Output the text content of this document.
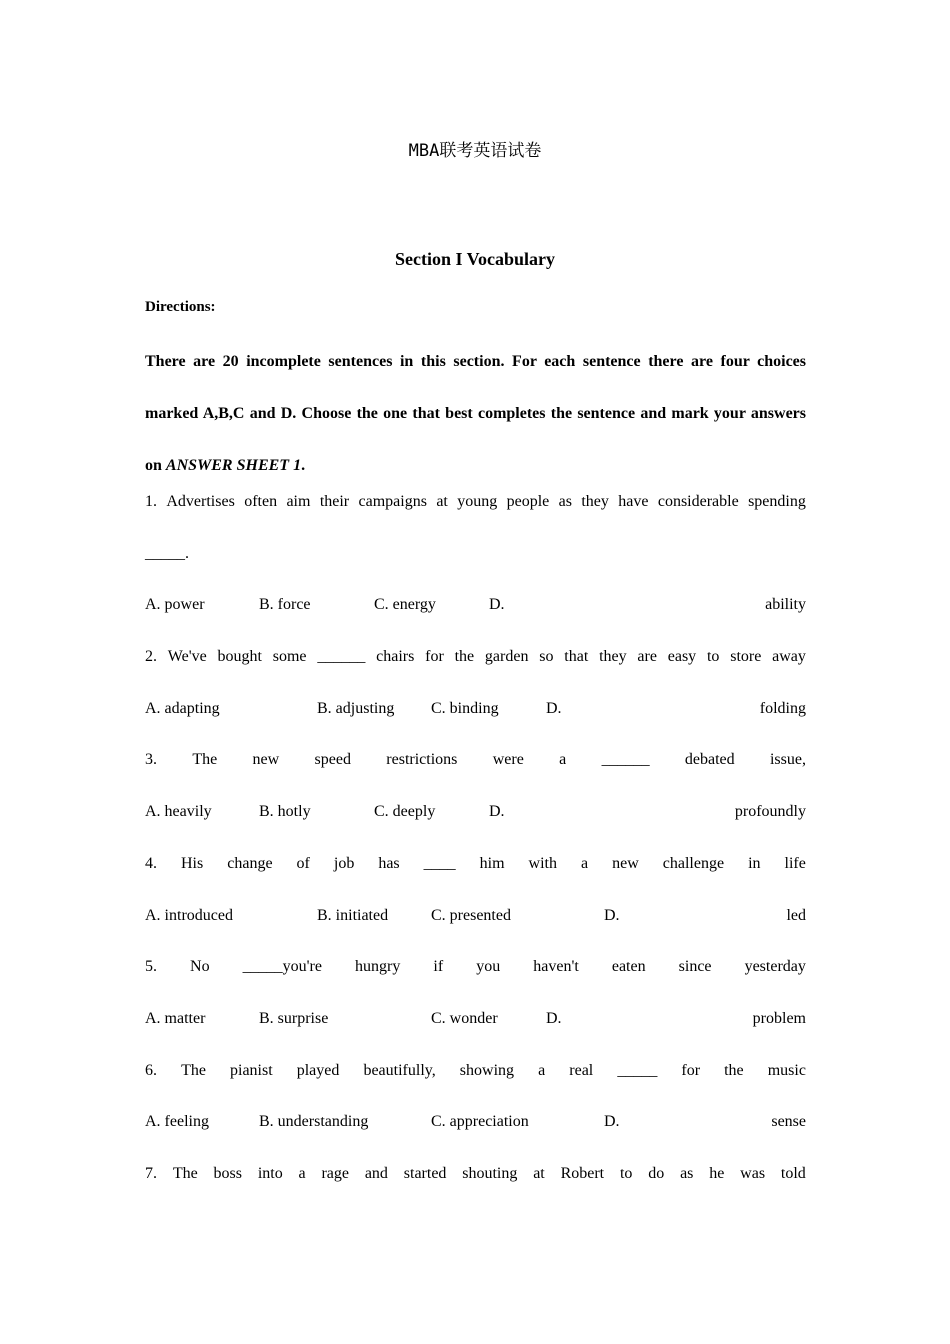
MBA联考英语试卷
Section I Vocabulary
Directions:
There are 20 incomplete sentences in this section. For each sentence there are four choices marked A,B,C and D. Choose the one that best completes the sentence and mark your answers on ANSWER SHEET 1.
1. Advertises often aim their campaigns at young people as they have considerable spending
_____.
A. power	B. force	C. energy	D.	ability
2. We've bought some ______ chairs for the garden so that they are easy to store away
A. adapting	B. adjusting C. binding	D.	folding
3. The new speed restrictions were a ______ debated issue,
A. heavily	B. hotly	C. deeply	D.	profoundly
4. His change of job has ____ him with a new challenge in life
A. introduced	B. initiated	C. presented	D.	led
5. No _____you're hungry if you haven't eaten since yesterday
A. matter	B. surprise	C. wonder	D.	problem
6. The pianist played beautifully, showing a real _____ for the music
A. feeling	B. understanding	C. appreciation	D.	sense
7. The boss into a rage and started shouting at Robert to do as he was told
